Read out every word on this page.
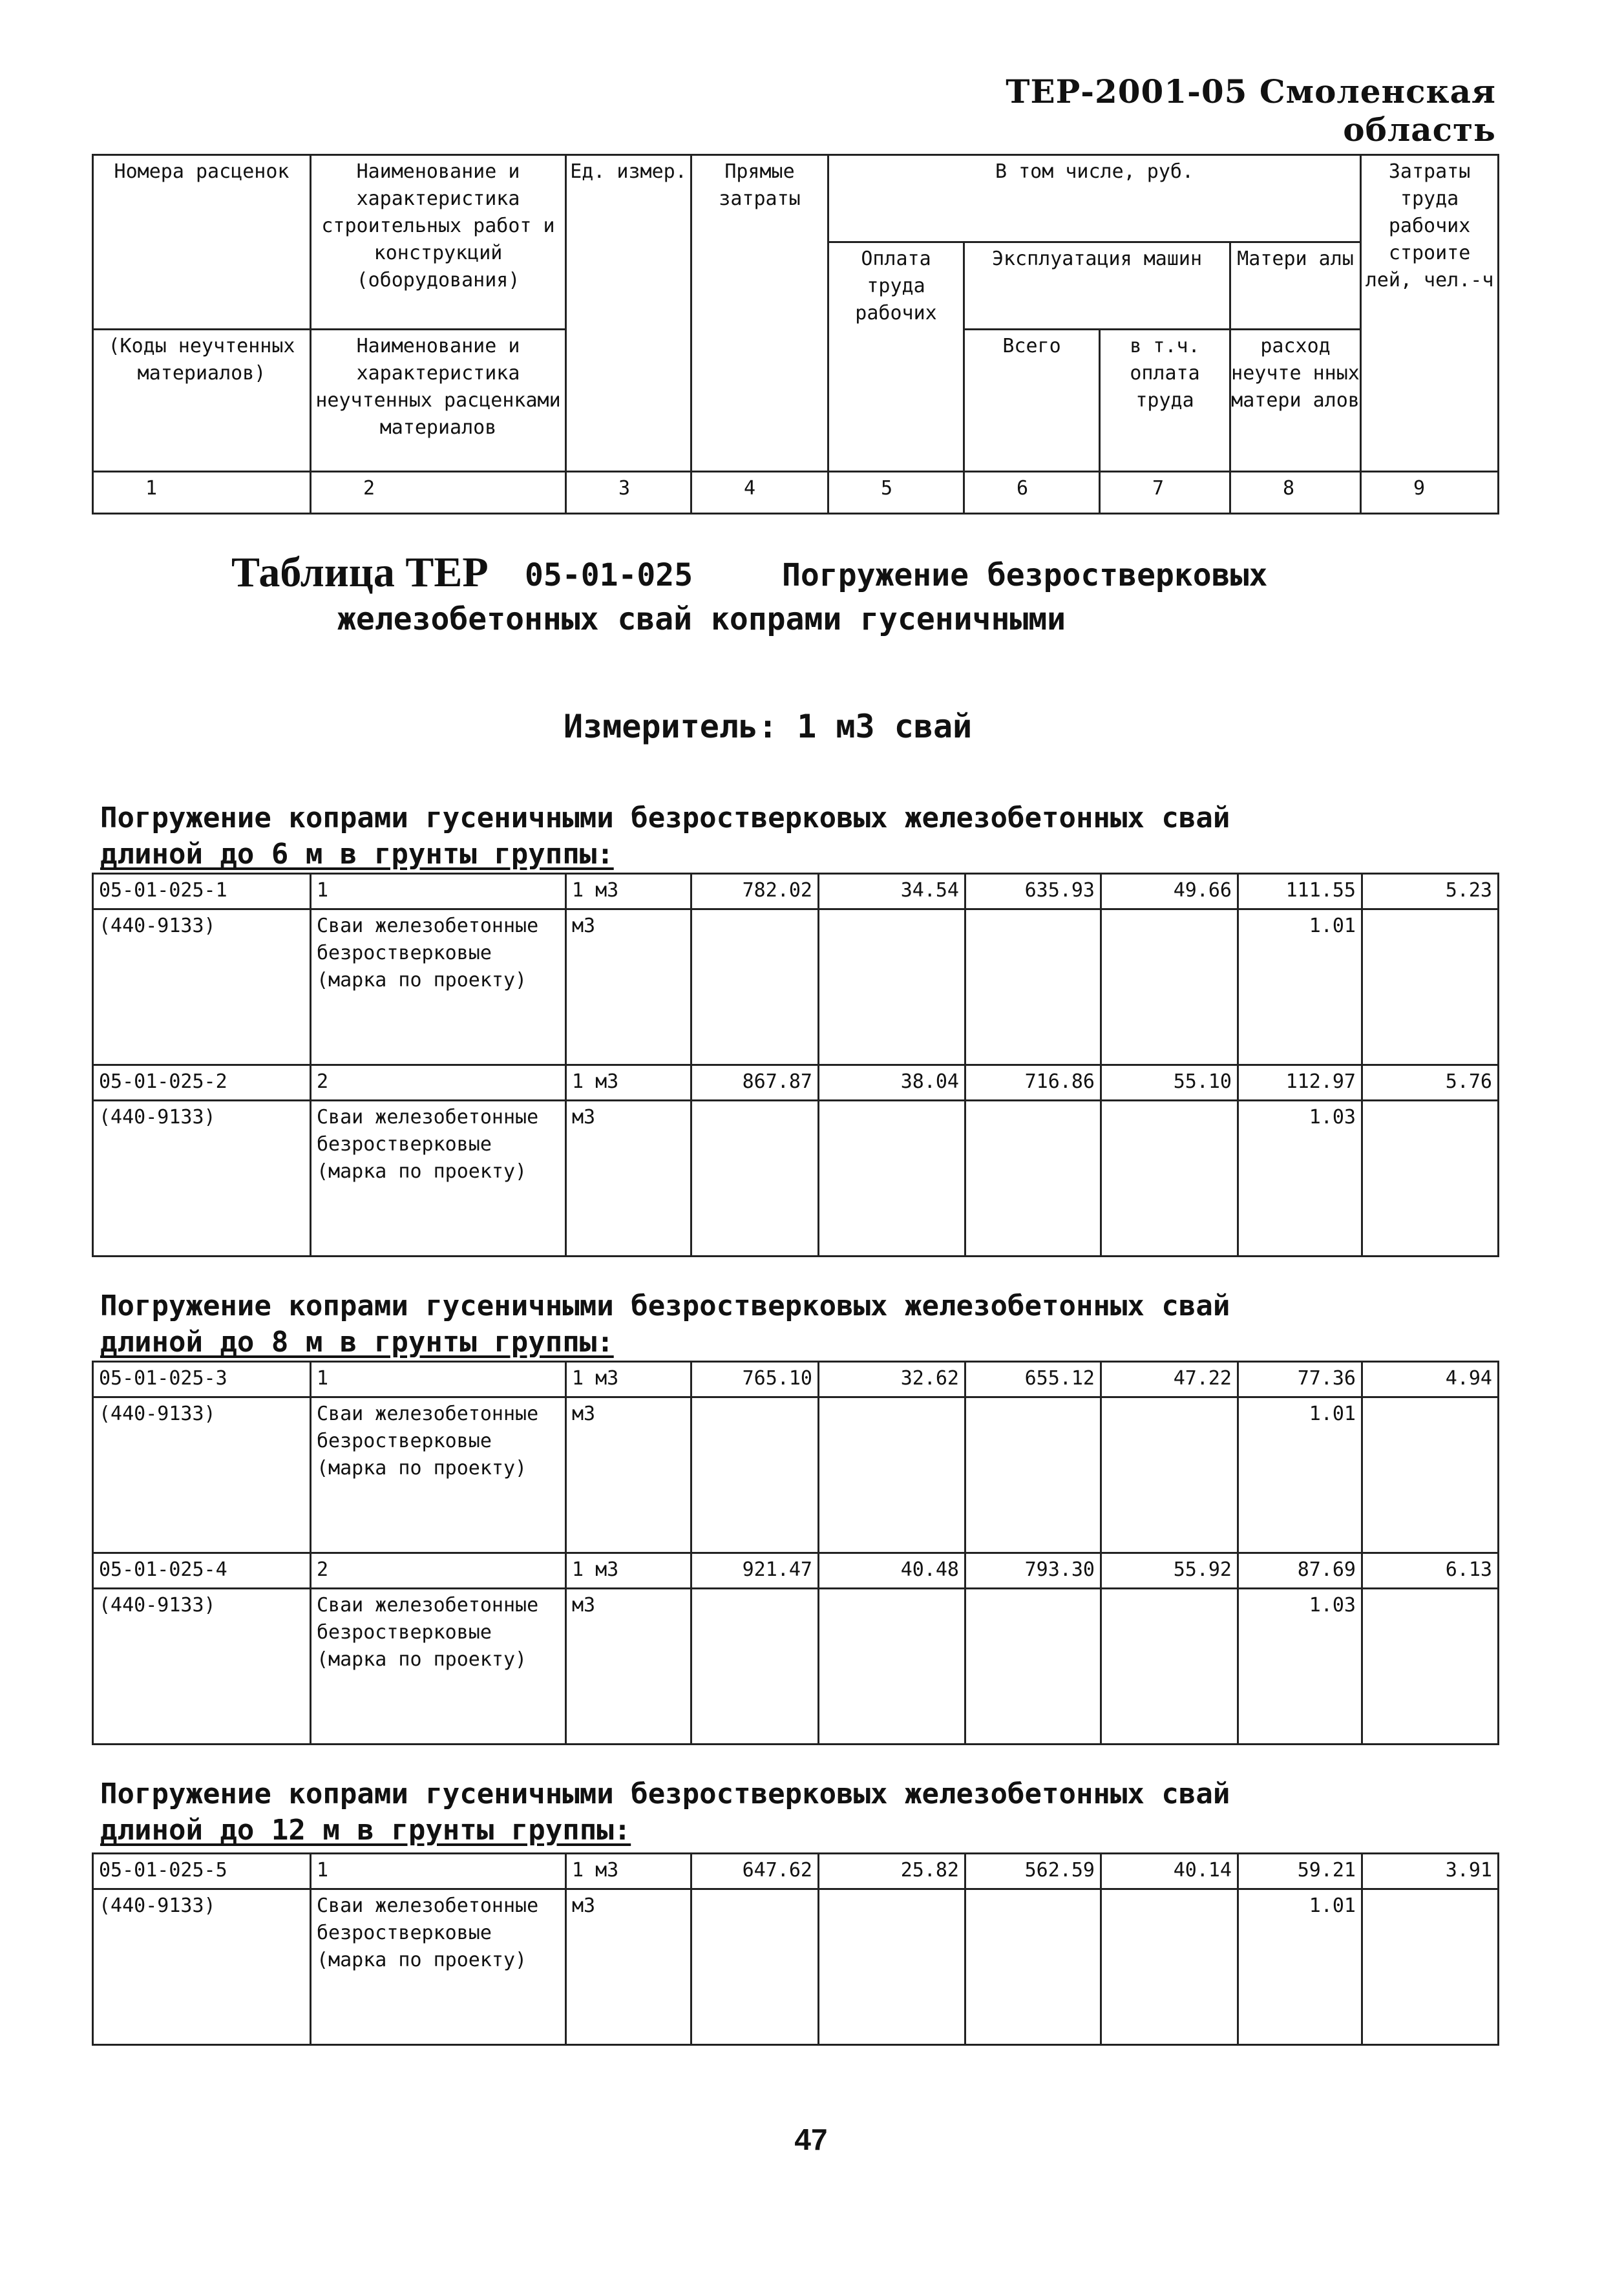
ТЕР-2001-05 Смоленская область
Номера расценок	Наименование и характеристика строительных работ и конструкций (оборудования)	Ед. измер.	Прямые затраты	В том числе, руб.				Затраты труда рабочих строите лей, чел.-ч
				Оплата труда рабочих	Эксплуатация машин		Матери алы	
(Коды неучтенных материалов)	Наименование и характеристика неучтенных расценками материалов				Всего	в т.ч. оплата труда	расход неучте нных матери алов	
1	2	3	4	5	6	7	8	9
Таблица ТЕР 05-01-025	Погружение безростверковых
железобетонных свай копрами гусеничными
Измеритель: 1 м3 свай
Погружение копрами гусеничными безростверковых железобетонных свай
длиной до 6 м в грунты группы:
05-01-025-1	1	1 м3	782.02	34.54	635.93	49.66	111.55	5.23
(440-9133)	Сваи железобетонные безростверковые (марка по проекту)	м3					1.01	
05-01-025-2	2	1 м3	867.87	38.04	716.86	55.10	112.97	5.76
(440-9133)	Сваи железобетонные безростверковые (марка по проекту)	м3					1.03	
Погружение копрами гусеничными безростверковых железобетонных свай
длиной до 8 м в грунты группы:
05-01-025-3	1	1 м3	765.10	32.62	655.12	47.22	77.36	4.94
(440-9133)	Сваи железобетонные безростверковые (марка по проекту)	м3					1.01	
05-01-025-4	2	1 м3	921.47	40.48	793.30	55.92	87.69	6.13
(440-9133)	Сваи железобетонные безростверковые (марка по проекту)	м3					1.03	
Погружение копрами гусеничными безростверковых железобетонных свай
длиной до 12 м в грунты группы:
05-01-025-5	1	1 м3	647.62	25.82	562.59	40.14	59.21	3.91
(440-9133)	Сваи железобетонные безростверковые (марка по проекту)	м3					1.01	
47
